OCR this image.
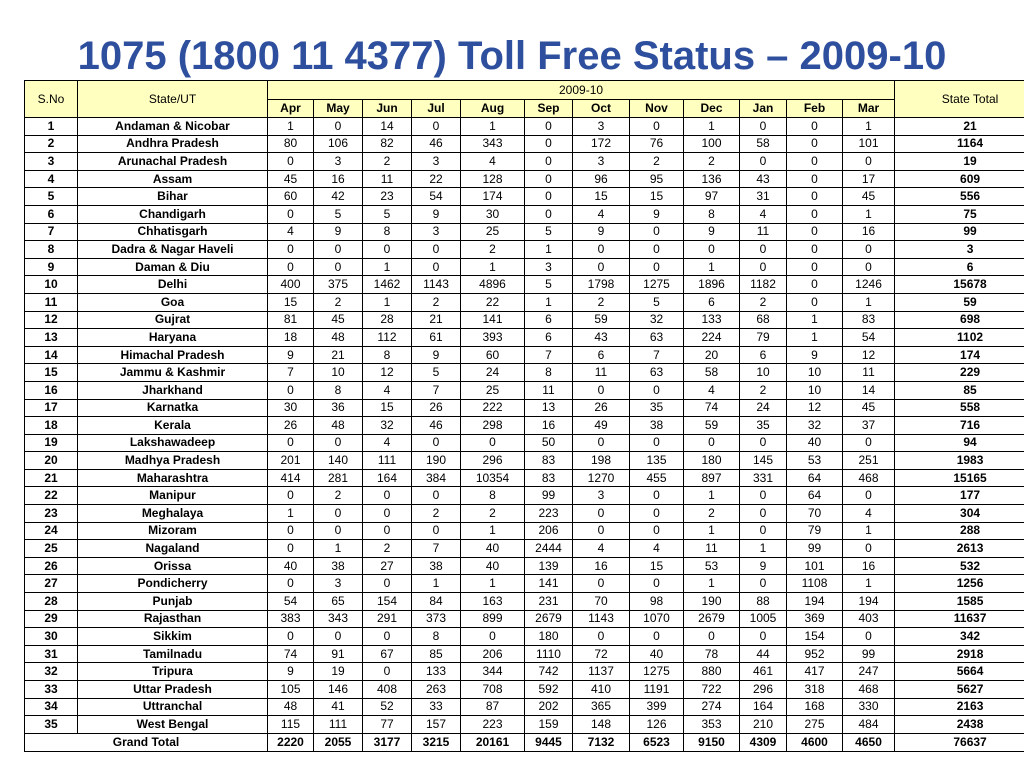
1075 (1800 11 4377) Toll Free Status – 2009-10
S.No	State/UT	2009-10												State Total
		Apr	May	Jun	Jul	Aug	Sep	Oct	Nov	Dec	Jan	Feb	Mar	
1	Andaman & Nicobar	1	0	14	0	1	0	3	0	1	0	0	1	21
2	Andhra Pradesh	80	106	82	46	343	0	172	76	100	58	0	101	1164
3	Arunachal Pradesh	0	3	2	3	4	0	3	2	2	0	0	0	19
4	Assam	45	16	11	22	128	0	96	95	136	43	0	17	609
5	Bihar	60	42	23	54	174	0	15	15	97	31	0	45	556
6	Chandigarh	0	5	5	9	30	0	4	9	8	4	0	1	75
7	Chhatisgarh	4	9	8	3	25	5	9	0	9	11	0	16	99
8	Dadra & Nagar Haveli	0	0	0	0	2	1	0	0	0	0	0	0	3
9	Daman & Diu	0	0	1	0	1	3	0	0	1	0	0	0	6
10	Delhi	400	375	1462	1143	4896	5	1798	1275	1896	1182	0	1246	15678
11	Goa	15	2	1	2	22	1	2	5	6	2	0	1	59
12	Gujrat	81	45	28	21	141	6	59	32	133	68	1	83	698
13	Haryana	18	48	112	61	393	6	43	63	224	79	1	54	1102
14	Himachal Pradesh	9	21	8	9	60	7	6	7	20	6	9	12	174
15	Jammu & Kashmir	7	10	12	5	24	8	11	63	58	10	10	11	229
16	Jharkhand	0	8	4	7	25	11	0	0	4	2	10	14	85
17	Karnatka	30	36	15	26	222	13	26	35	74	24	12	45	558
18	Kerala	26	48	32	46	298	16	49	38	59	35	32	37	716
19	Lakshawadeep	0	0	4	0	0	50	0	0	0	0	40	0	94
20	Madhya Pradesh	201	140	111	190	296	83	198	135	180	145	53	251	1983
21	Maharashtra	414	281	164	384	10354	83	1270	455	897	331	64	468	15165
22	Manipur	0	2	0	0	8	99	3	0	1	0	64	0	177
23	Meghalaya	1	0	0	2	2	223	0	0	2	0	70	4	304
24	Mizoram	0	0	0	0	1	206	0	0	1	0	79	1	288
25	Nagaland	0	1	2	7	40	2444	4	4	11	1	99	0	2613
26	Orissa	40	38	27	38	40	139	16	15	53	9	101	16	532
27	Pondicherry	0	3	0	1	1	141	0	0	1	0	1108	1	1256
28	Punjab	54	65	154	84	163	231	70	98	190	88	194	194	1585
29	Rajasthan	383	343	291	373	899	2679	1143	1070	2679	1005	369	403	11637
30	Sikkim	0	0	0	8	0	180	0	0	0	0	154	0	342
31	Tamilnadu	74	91	67	85	206	1110	72	40	78	44	952	99	2918
32	Tripura	9	19	0	133	344	742	1137	1275	880	461	417	247	5664
33	Uttar Pradesh	105	146	408	263	708	592	410	1191	722	296	318	468	5627
34	Uttranchal	48	41	52	33	87	202	365	399	274	164	168	330	2163
35	West Bengal	115	111	77	157	223	159	148	126	353	210	275	484	2438
Grand Total		2220	2055	3177	3215	20161	9445	7132	6523	9150	4309	4600	4650	76637
